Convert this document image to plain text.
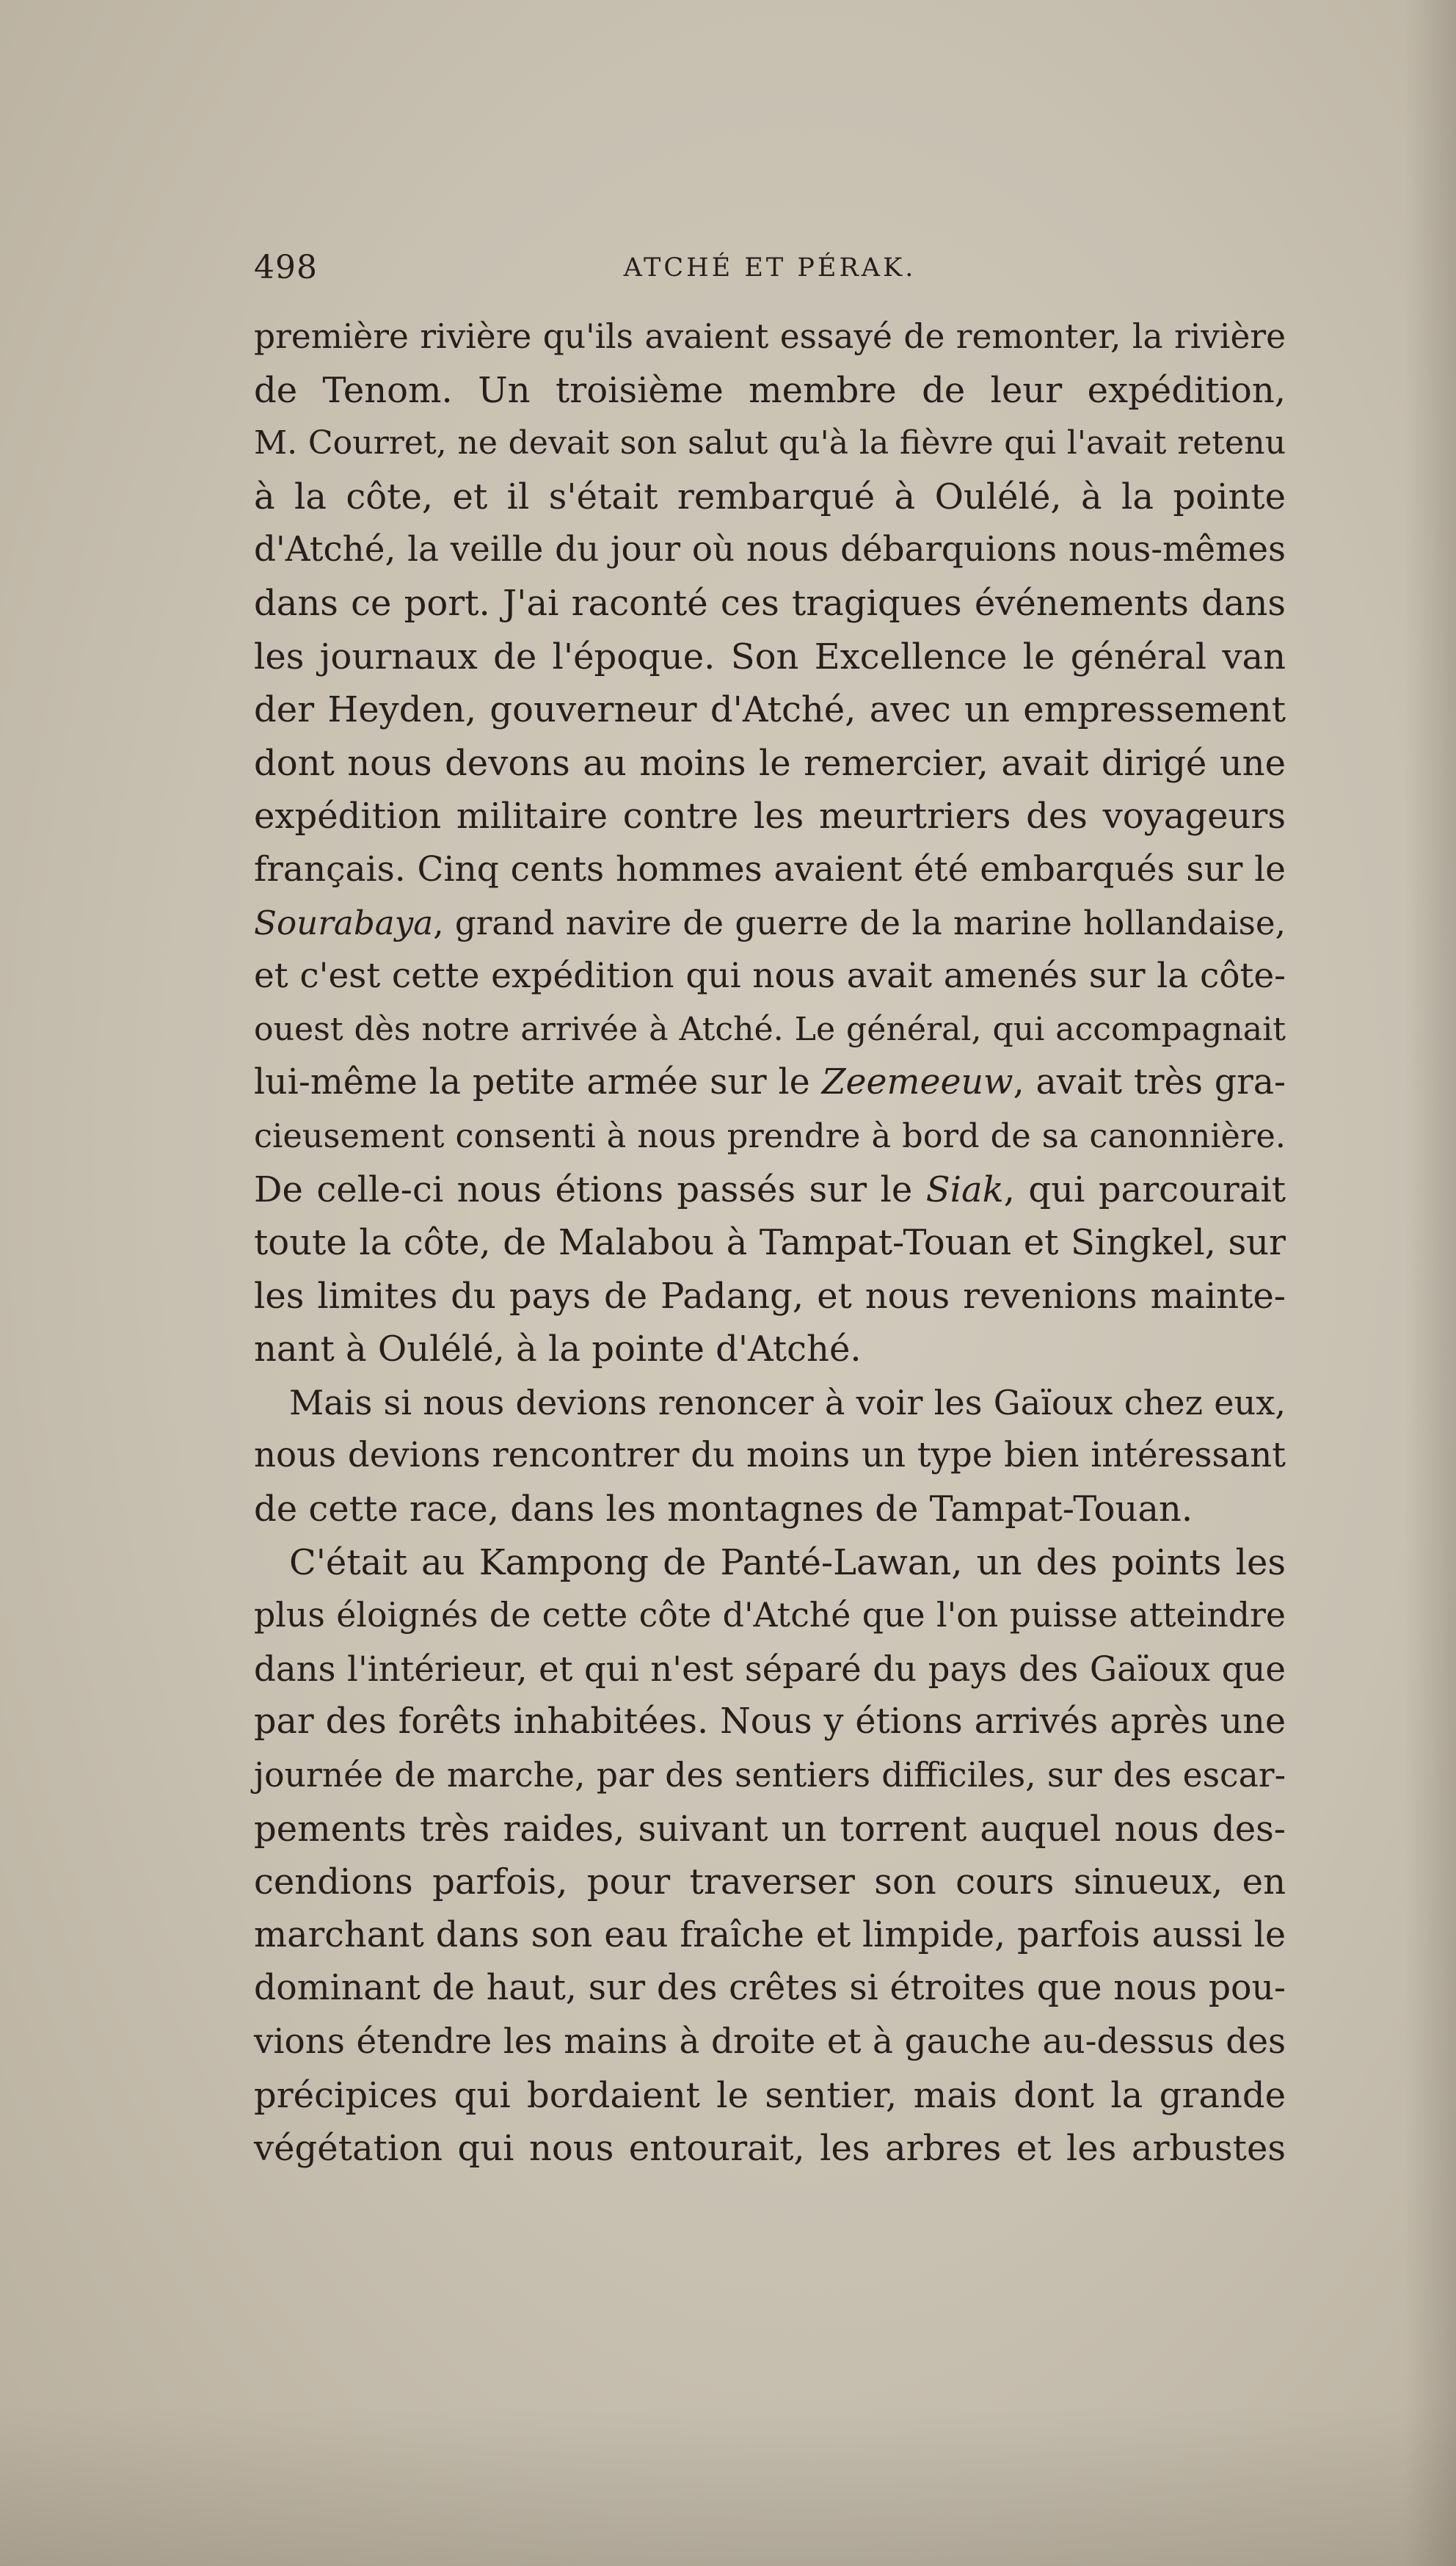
498	ATCHÉ ET PÉRAK.
première rivière qu'ils avaient essayé de remonter, la rivière
de Tenom. Un troisième membre de leur expédition,
M. Courret, ne devait son salut qu'à la fièvre qui l'avait retenu
à la côte, et il s'était rembarqué à Oulélé, à la pointe
d'Atché, la veille du jour où nous débarquions nous-mêmes
dans ce port. J'ai raconté ces tragiques événements dans
les journaux de l'époque. Son Excellence le général van
der Heyden, gouverneur d'Atché, avec un empressement
dont nous devons au moins le remercier, avait dirigé une
expédition militaire contre les meurtriers des voyageurs
français. Cinq cents hommes avaient été embarqués sur le
Sourabaya, grand navire de guerre de la marine hollandaise,
et c'est cette expédition qui nous avait amenés sur la côte-
ouest dès notre arrivée à Atché. Le général, qui accompagnait
lui-même la petite armée sur le Zeemeeuw, avait très gra-
cieusement consenti à nous prendre à bord de sa canonnière.
De celle-ci nous étions passés sur le Siak, qui parcourait
toute la côte, de Malabou à Tampat-Touan et Singkel, sur
les limites du pays de Padang, et nous revenions mainte-
nant à Oulélé, à la pointe d'Atché.
Mais si nous devions renoncer à voir les Gaïoux chez eux,
nous devions rencontrer du moins un type bien intéressant
de cette race, dans les montagnes de Tampat-Touan.
C'était au Kampong de Panté-Lawan, un des points les
plus éloignés de cette côte d'Atché que l'on puisse atteindre
dans l'intérieur, et qui n'est séparé du pays des Gaïoux que
par des forêts inhabitées. Nous y étions arrivés après une
journée de marche, par des sentiers difficiles, sur des escar-
pements très raides, suivant un torrent auquel nous des-
cendions parfois, pour traverser son cours sinueux, en
marchant dans son eau fraîche et limpide, parfois aussi le
dominant de haut, sur des crêtes si étroites que nous pou-
vions étendre les mains à droite et à gauche au-dessus des
précipices qui bordaient le sentier, mais dont la grande
végétation qui nous entourait, les arbres et les arbustes
